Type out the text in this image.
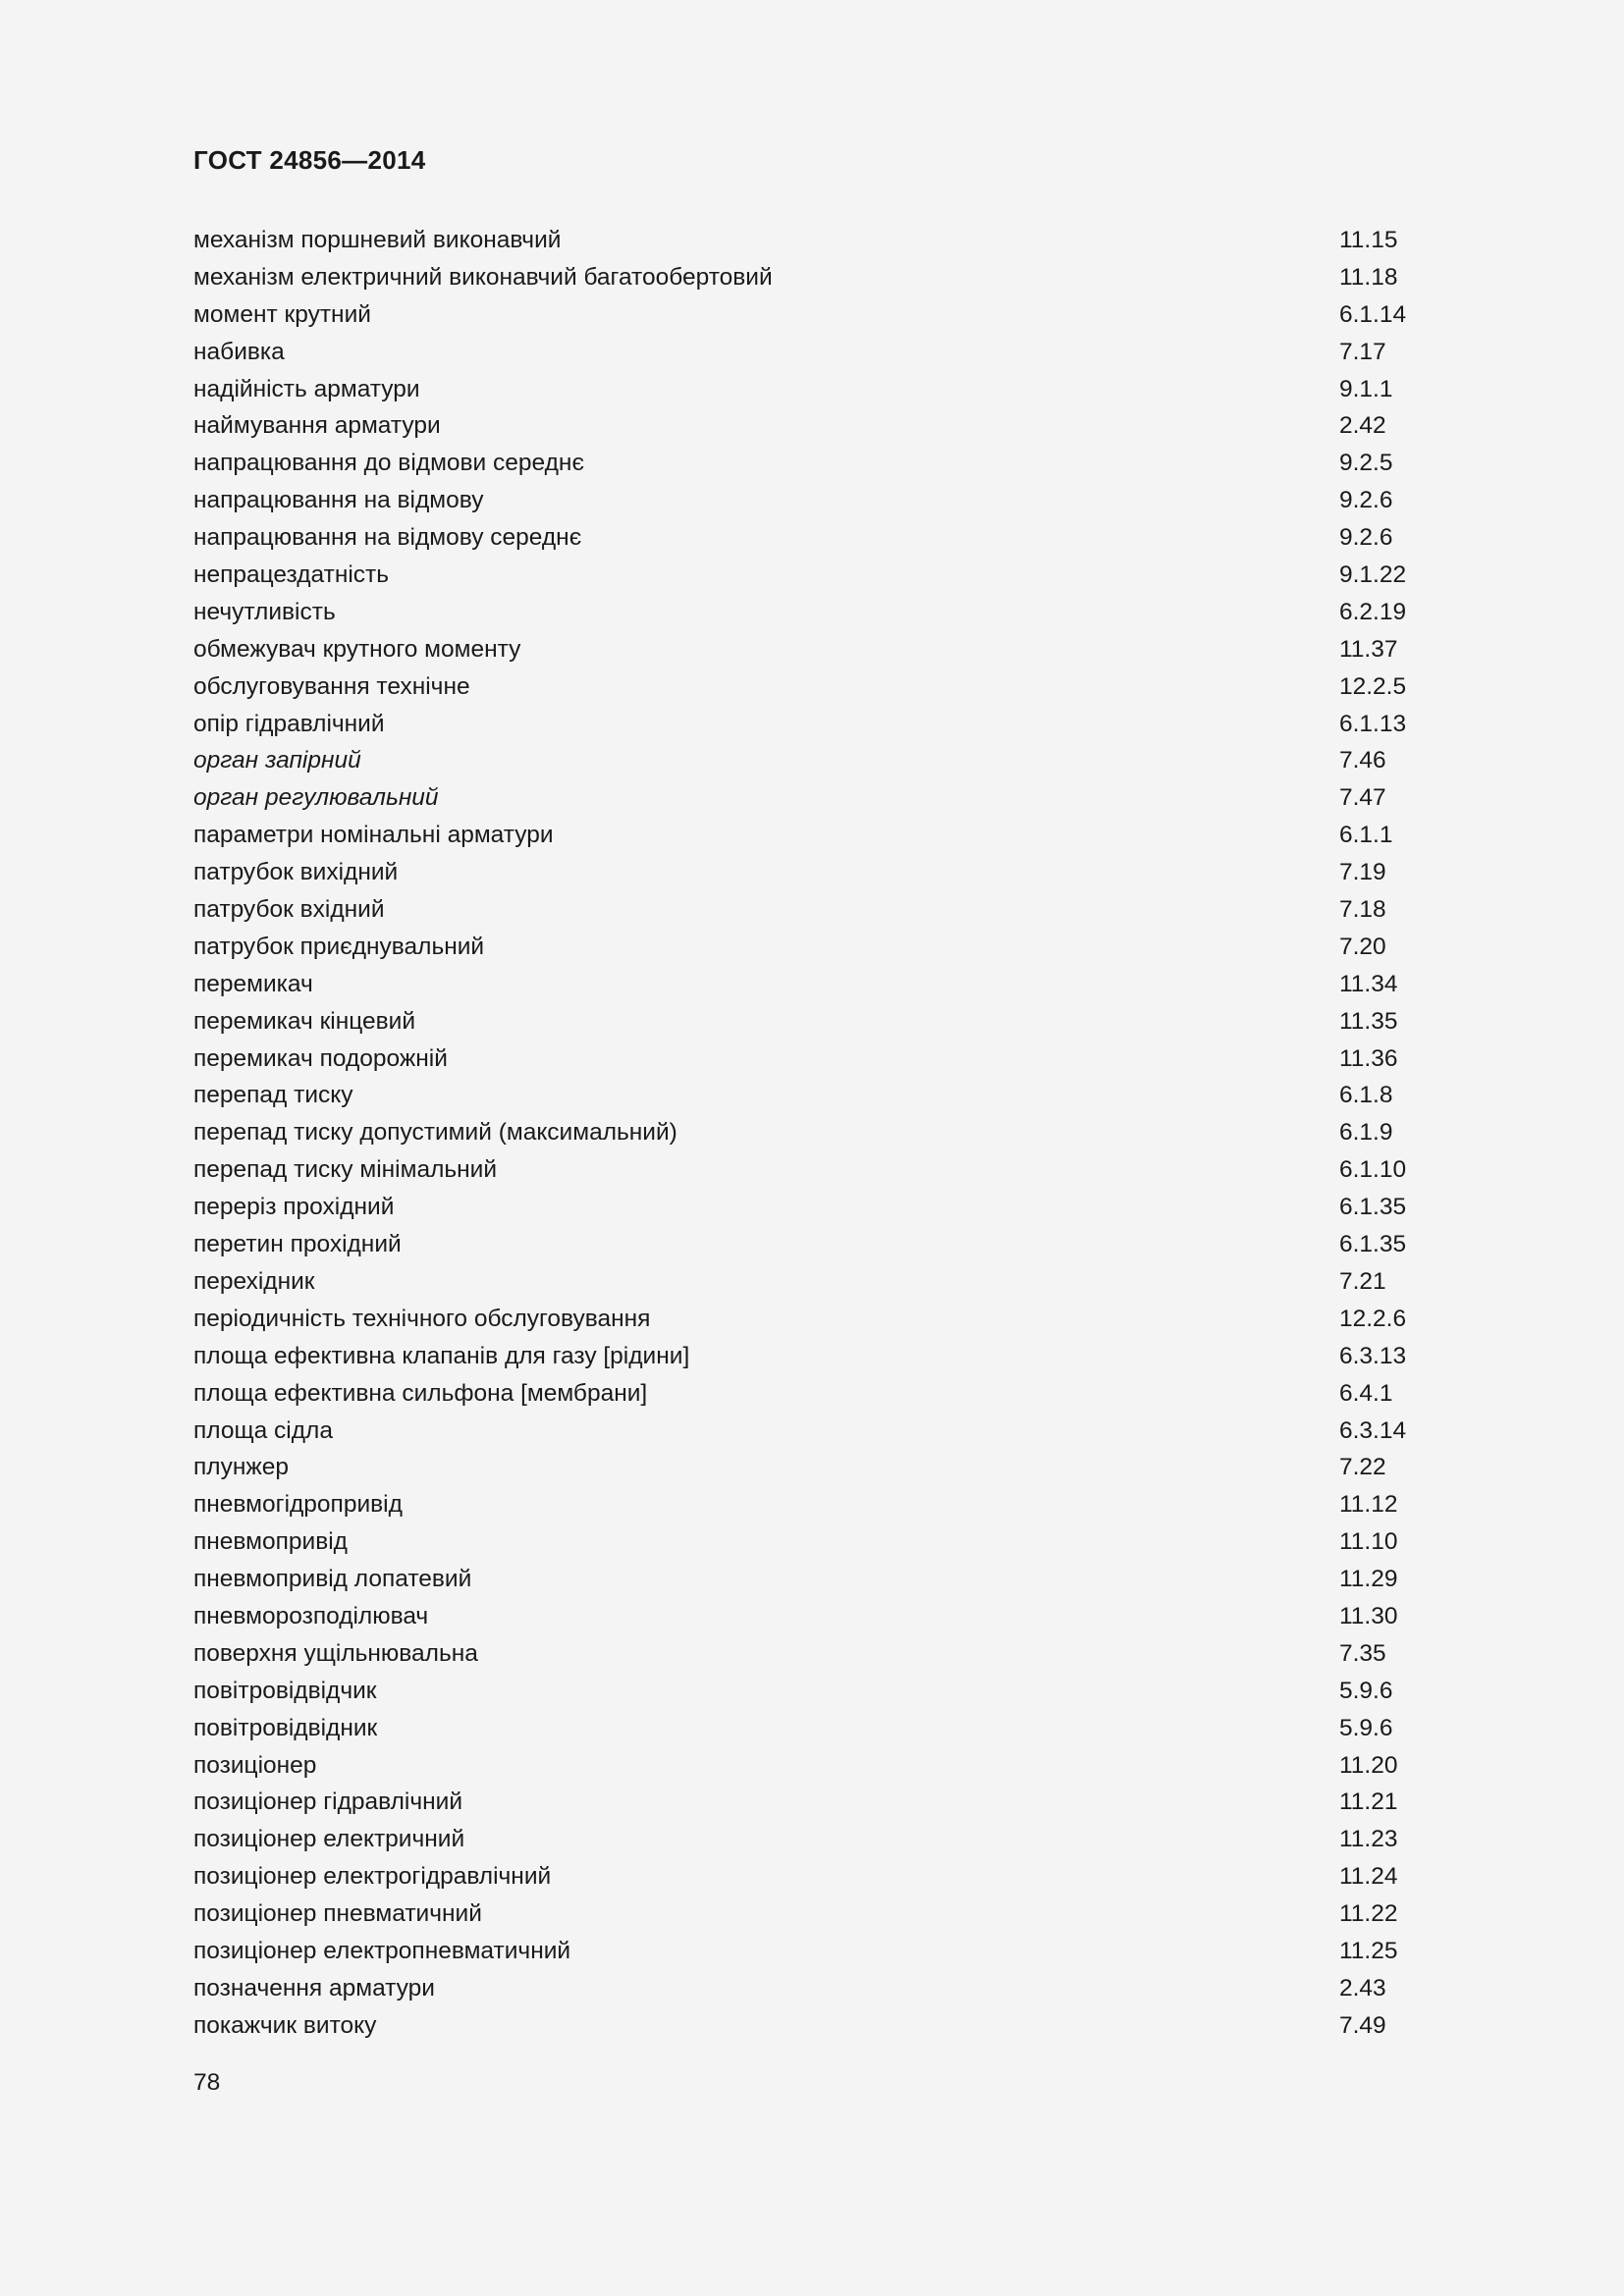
ГОСТ 24856—2014
механізм поршневий виконавчий	11.15
механізм електричний виконавчий багатообертовий	11.18
момент крутний	6.1.14
набивка	7.17
надійність арматури	9.1.1
наймування арматури	2.42
напрацювання до відмови середнє	9.2.5
напрацювання на відмову	9.2.6
напрацювання на відмову середнє	9.2.6
непрацездатність	9.1.22
нечутливість	6.2.19
обмежувач крутного моменту	11.37
обслуговування технічне	12.2.5
опір гідравлічний	6.1.13
орган запірний	7.46
орган регулювальний	7.47
параметри номінальні арматури	6.1.1
патрубок вихідний	7.19
патрубок вхідний	7.18
патрубок приєднувальний	7.20
перемикач	11.34
перемикач кінцевий	11.35
перемикач подорожній	11.36
перепад тиску	6.1.8
перепад тиску допустимий (максимальний)	6.1.9
перепад тиску мінімальний	6.1.10
переріз прохідний	6.1.35
перетин прохідний	6.1.35
перехідник	7.21
періодичність технічного обслуговування	12.2.6
площа ефективна клапанів для газу [рідини]	6.3.13
площа ефективна сильфона [мембрани]	6.4.1
площа сідла	6.3.14
плунжер	7.22
пневмогідропривід	11.12
пневмопривід	11.10
пневмопривід лопатевий	11.29
пневморозподілювач	11.30
поверхня ущільнювальна	7.35
повітровідвідчик	5.9.6
повітровідвідник	5.9.6
позиціонер	11.20
позиціонер гідравлічний	11.21
позиціонер електричний	11.23
позиціонер електрогідравлічний	11.24
позиціонер пневматичний	11.22
позиціонер електропневматичний	11.25
позначення арматури	2.43
покажчик витоку	7.49
78
